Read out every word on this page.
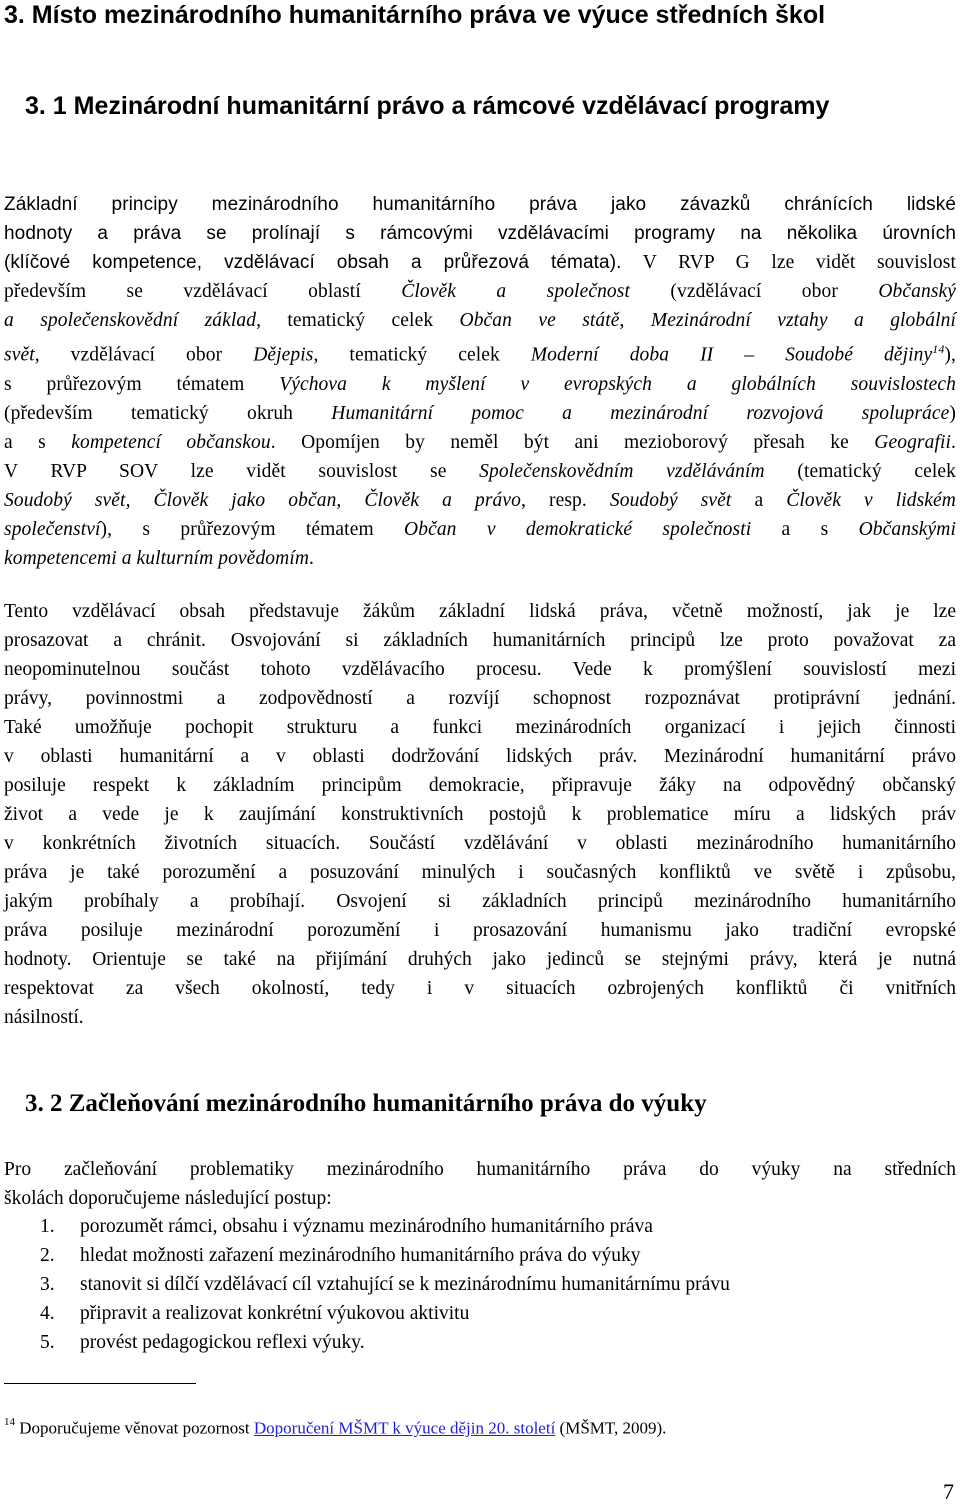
3. Místo mezinárodního humanitárního práva ve výuce středních škol
3. 1 Mezinárodní humanitární právo a rámcové vzdělávací programy
Základní principy mezinárodního humanitárního práva jako závazků chránících lidské
hodnoty a práva se prolínají s rámcovými vzdělávacími programy na několika úrovních
(klíčové kompetence, vzdělávací obsah a průřezová témata). V RVP G lze vidět souvislost
především se vzdělávací oblastí Člověk a společnost (vzdělávací obor Občanský
a společenskovědní základ, tematický celek Občan ve státě, Mezinárodní vztahy a globální
svět, vzdělávací obor Dějepis, tematický celek Moderní doba II – Soudobé dějiny$^{14}$),
s průřezovým tématem Výchova k myšlení v evropských a globálních souvislostech
(především tematický okruh Humanitární pomoc a mezinárodní rozvojová spolupráce)
a s kompetencí občanskou. Opomíjen by neměl být ani mezioborový přesah ke Geografii.
V RVP SOV lze vidět souvislost se Společenskovědním vzděláváním (tematický celek
Soudobý svět, Člověk jako občan, Člověk a právo, resp. Soudobý svět a Člověk v lidském
společenství), s průřezovým tématem Občan v demokratické společnosti a s Občanskými
kompetencemi a kulturním povědomím.
Tento vzdělávací obsah představuje žákům základní lidská práva, včetně možností, jak je lze
prosazovat a chránit. Osvojování si základních humanitárních principů lze proto považovat za
neopominutelnou součást tohoto vzdělávacího procesu. Vede k promýšlení souvislostí mezi
právy, povinnostmi a zodpovědností a rozvíjí schopnost rozpoznávat protiprávní jednání.
Také umožňuje pochopit strukturu a funkci mezinárodních organizací i jejich činnosti
v oblasti humanitární a v oblasti dodržování lidských práv. Mezinárodní humanitární právo
posiluje respekt k základním principům demokracie, připravuje žáky na odpovědný občanský
život a vede je k zaujímání konstruktivních postojů k problematice míru a lidských práv
v konkrétních životních situacích. Součástí vzdělávání v oblasti mezinárodního humanitárního
práva je také porozumění a posuzování minulých i současných konfliktů ve světě i způsobu,
jakým probíhaly a probíhají. Osvojení si základních principů mezinárodního humanitárního
práva posiluje mezinárodní porozumění i prosazování humanismu jako tradiční evropské
hodnoty. Orientuje se také na přijímání druhých jako jedinců se stejnými právy, která je nutná
respektovat za všech okolností, tedy i v situacích ozbrojených konfliktů či vnitřních
násilností.
3. 2 Začleňování mezinárodního humanitárního práva do výuky
Pro začleňování problematiky mezinárodního humanitárního práva do výuky na středních
školách doporučujeme následující postup:
1. porozumět rámci, obsahu i významu mezinárodního humanitárního práva
2. hledat možnosti zařazení mezinárodního humanitárního práva do výuky
3. stanovit si dílčí vzdělávací cíl vztahující se k mezinárodnímu humanitárnímu právu
4. připravit a realizovat konkrétní výukovou aktivitu
5. provést pedagogickou reflexi výuky.
$^{14}$ Doporučujeme věnovat pozornost Doporučení MŠMT k výuce dějin 20. století (MŠMT, 2009).
7
